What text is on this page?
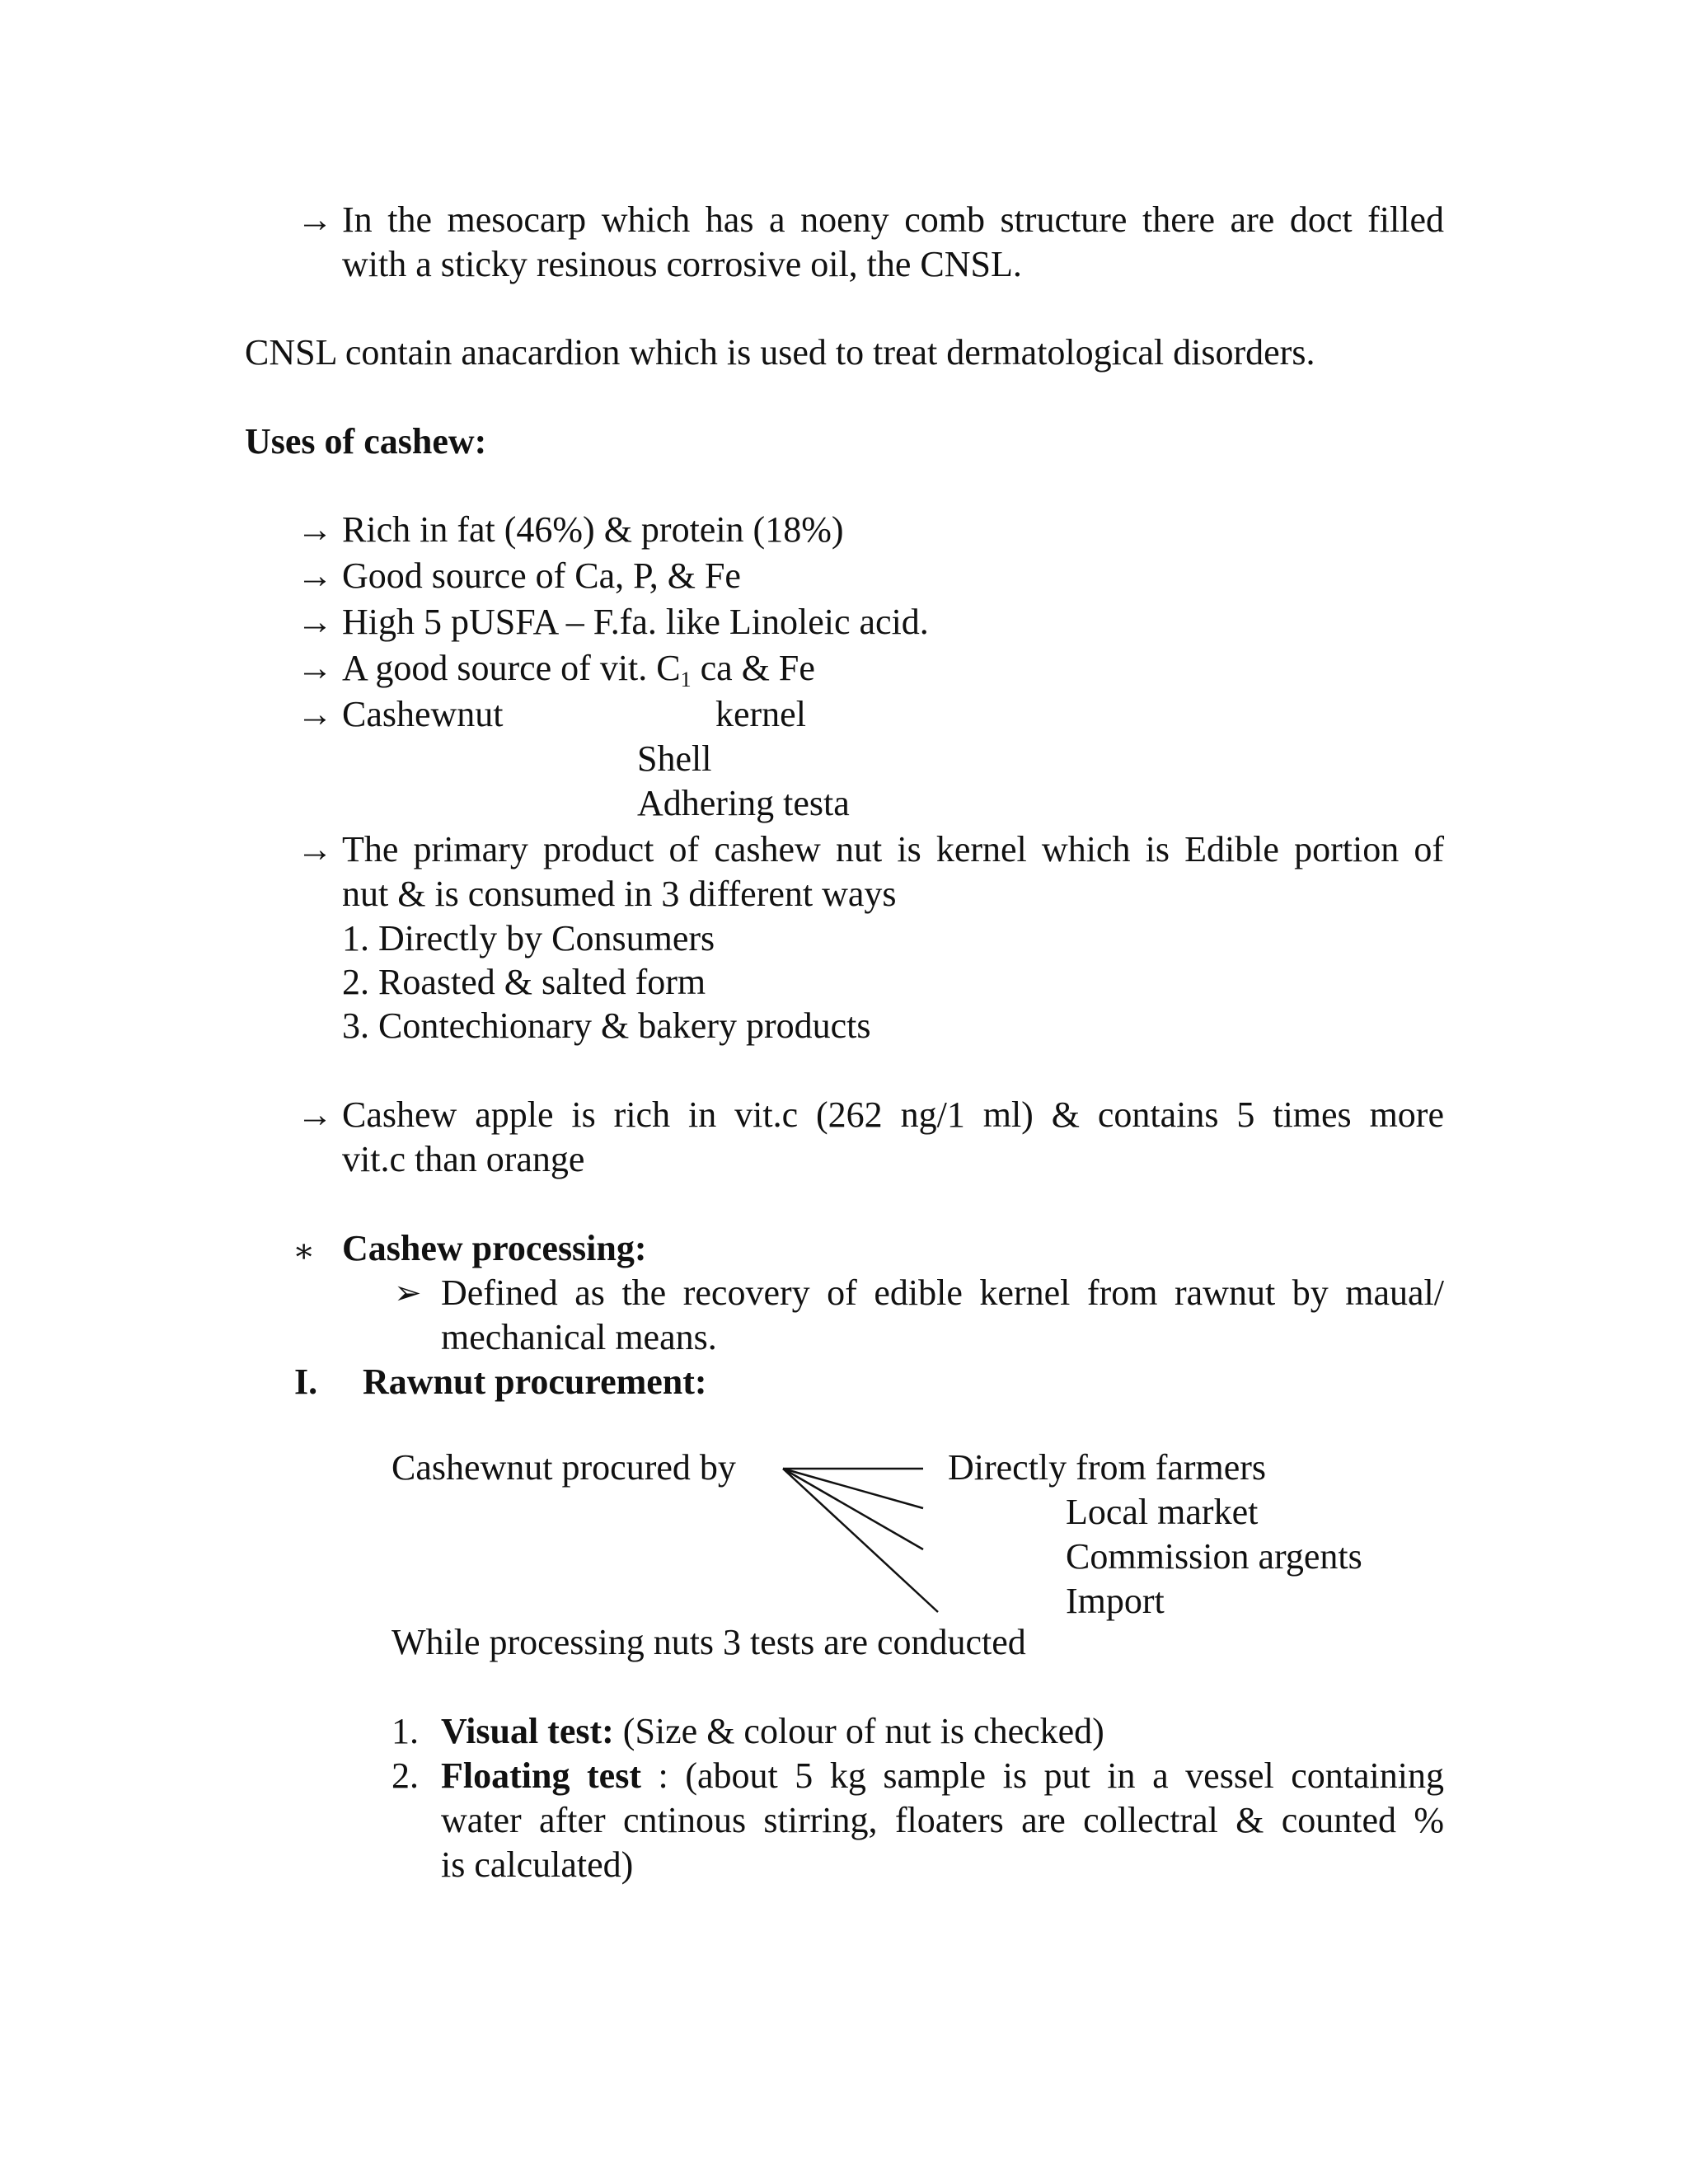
→ In the mesocarp which has a noeny comb structure there are doct filled
with a sticky resinous corrosive oil, the CNSL.
CNSL contain anacardion which is used to treat dermatological disorders.
Uses of cashew:
→ Rich in fat (46%) & protein (18%)
→ Good source of Ca, P, & Fe
→ High 5 pUSFA – F.fa. like Linoleic acid.
→ A good source of vit. $C_1$ ca & Fe
→ Cashewnut	kernel
Shell
Adhering testa
→ The primary product of cashew nut is kernel which is Edible portion of
nut & is consumed in 3 different ways
1. Directly by Consumers
2. Roasted & salted form
3. Contechionary & bakery products
→ Cashew apple is rich in vit.c (262 ng/1 ml) & contains 5 times more
vit.c than orange
∗ Cashew processing:
➢ Defined as the recovery of edible kernel from rawnut by maual/
mechanical means.
I. Rawnut procurement:
Cashewnut procured by	Directly from farmers
Local market
Commission argents
Import
While processing nuts 3 tests are conducted
1. Visual test: (Size & colour of nut is checked)
2. Floating test : (about 5 kg sample is put in a vessel containing
water after cntinous stirring, floaters are collectral & counted %
is calculated)
